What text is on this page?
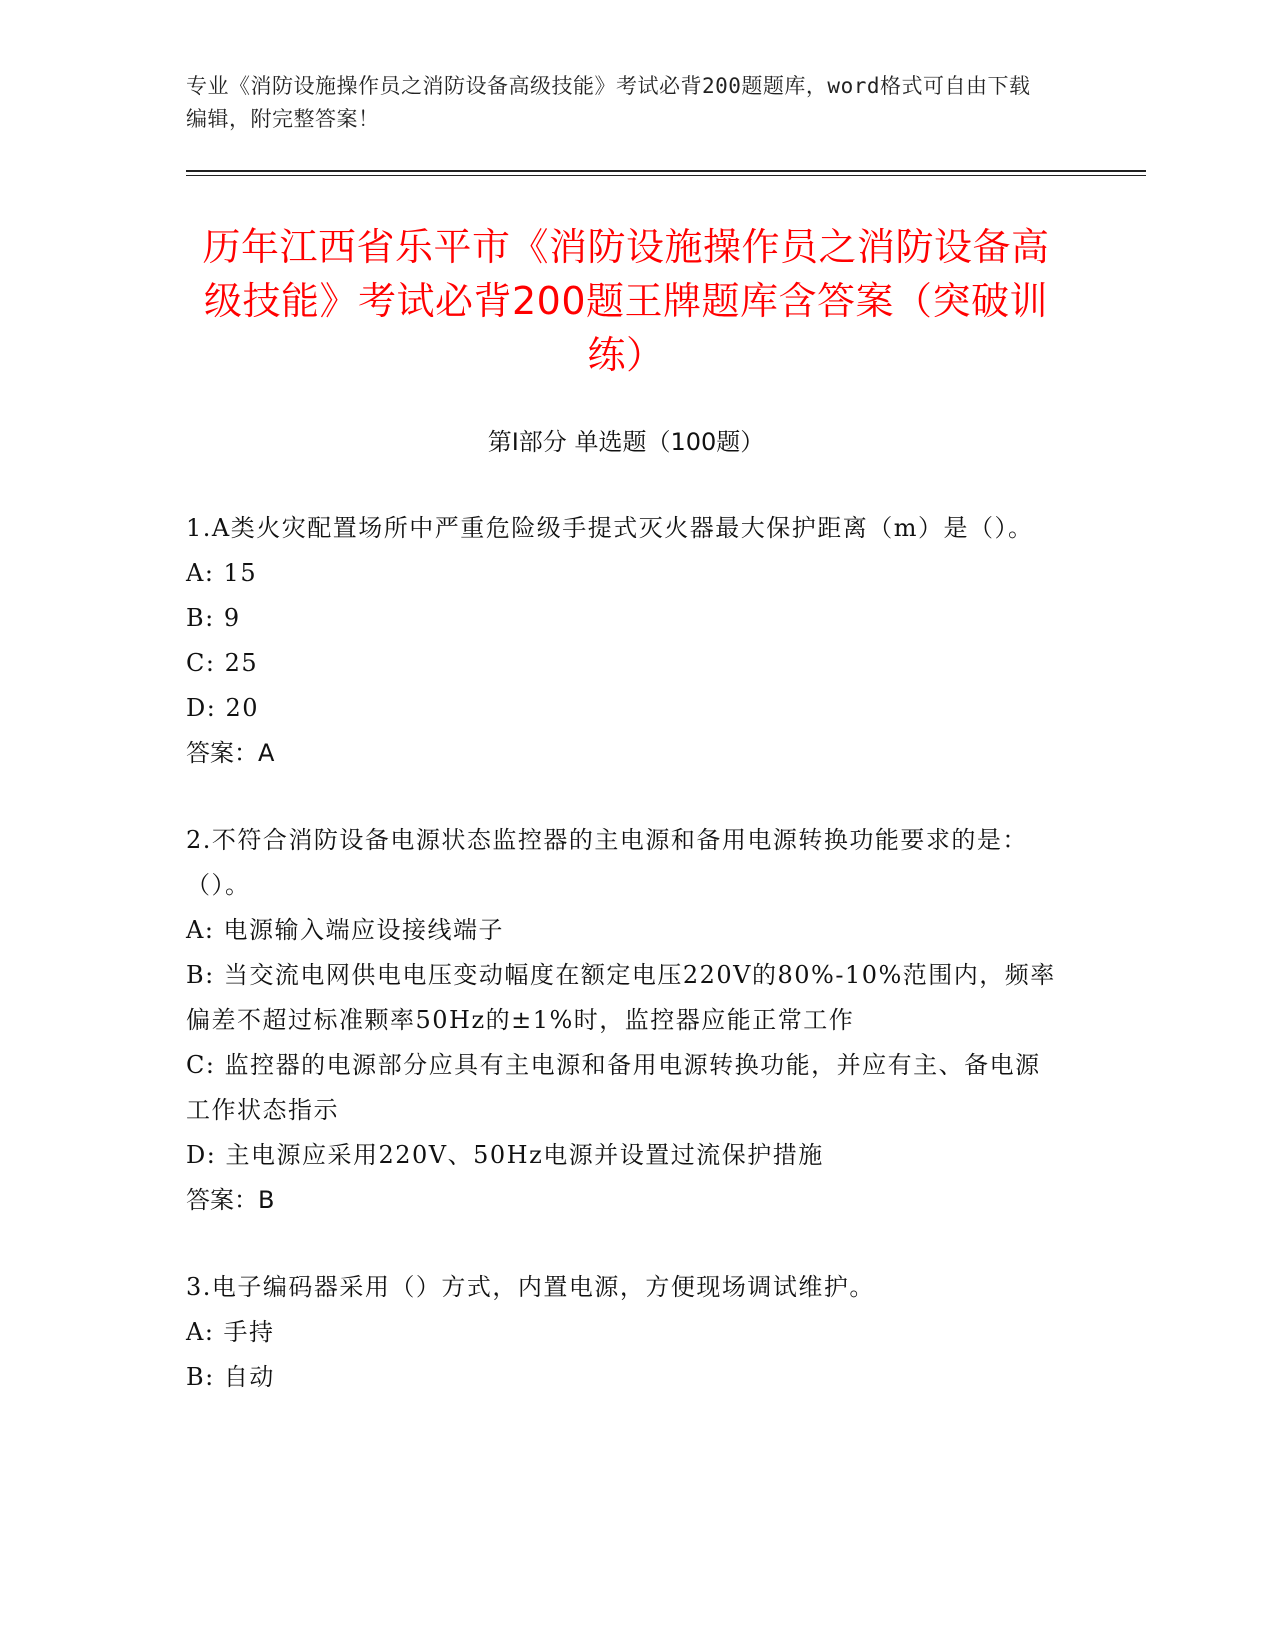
专业《消防设施操作员之消防设备高级技能》考试必背200题题库，word格式可自由下载编辑，附完整答案！
历年江西省乐平市《消防设施操作员之消防设备高级技能》考试必背200题王牌题库含答案（突破训练）
第I部分 单选题（100题）
1.A类火灾配置场所中严重危险级手提式灭火器最大保护距离（m）是（）。
A: 15
B: 9
C: 25
D: 20
答案：A
2.不符合消防设备电源状态监控器的主电源和备用电源转换功能要求的是：（）。
A: 电源输入端应设接线端子
B: 当交流电网供电电压变动幅度在额定电压220V的80%-10%范围内，频率偏差不超过标准颗率50Hz的±1%时，监控器应能正常工作
C: 监控器的电源部分应具有主电源和备用电源转换功能，并应有主、备电源工作状态指示
D: 主电源应采用220V、50Hz电源并设置过流保护措施
答案：B
3.电子编码器采用（）方式，内置电源，方便现场调试维护。
A: 手持
B: 自动
